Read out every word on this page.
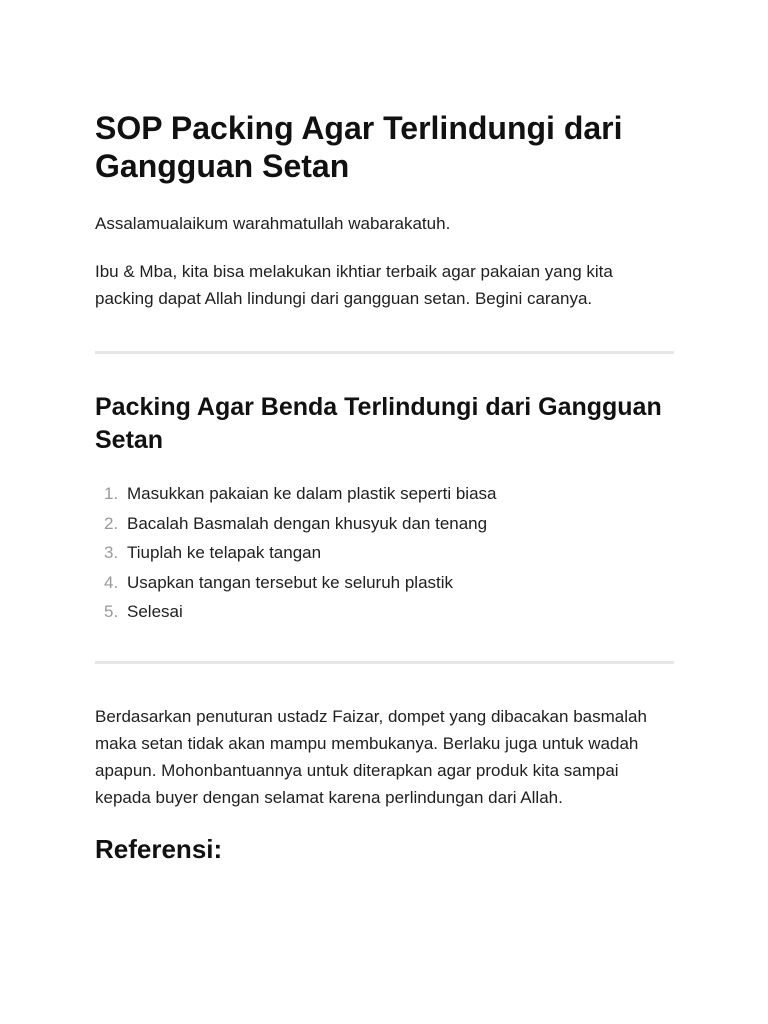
SOP Packing Agar Terlindungi dari Gangguan Setan

Assalamualaikum warahmatullah wabarakatuh.

Ibu & Mba, kita bisa melakukan ikhtiar terbaik agar pakaian yang kita packing dapat Allah lindungi dari gangguan setan. Begini caranya.

Packing Agar Benda Terlindungi dari Gangguan Setan
1. Masukkan pakaian ke dalam plastik seperti biasa
2. Bacalah Basmalah dengan khusyuk dan tenang
3. Tiuplah ke telapak tangan
4. Usapkan tangan tersebut ke seluruh plastik
5. Selesai

Berdasarkan penuturan ustadz Faizar, dompet yang dibacakan basmalah maka setan tidak akan mampu membukanya. Berlaku juga untuk wadah apapun. Mohonbantuannya untuk diterapkan agar produk kita sampai kepada buyer dengan selamat karena perlindungan dari Allah.

Referensi:
